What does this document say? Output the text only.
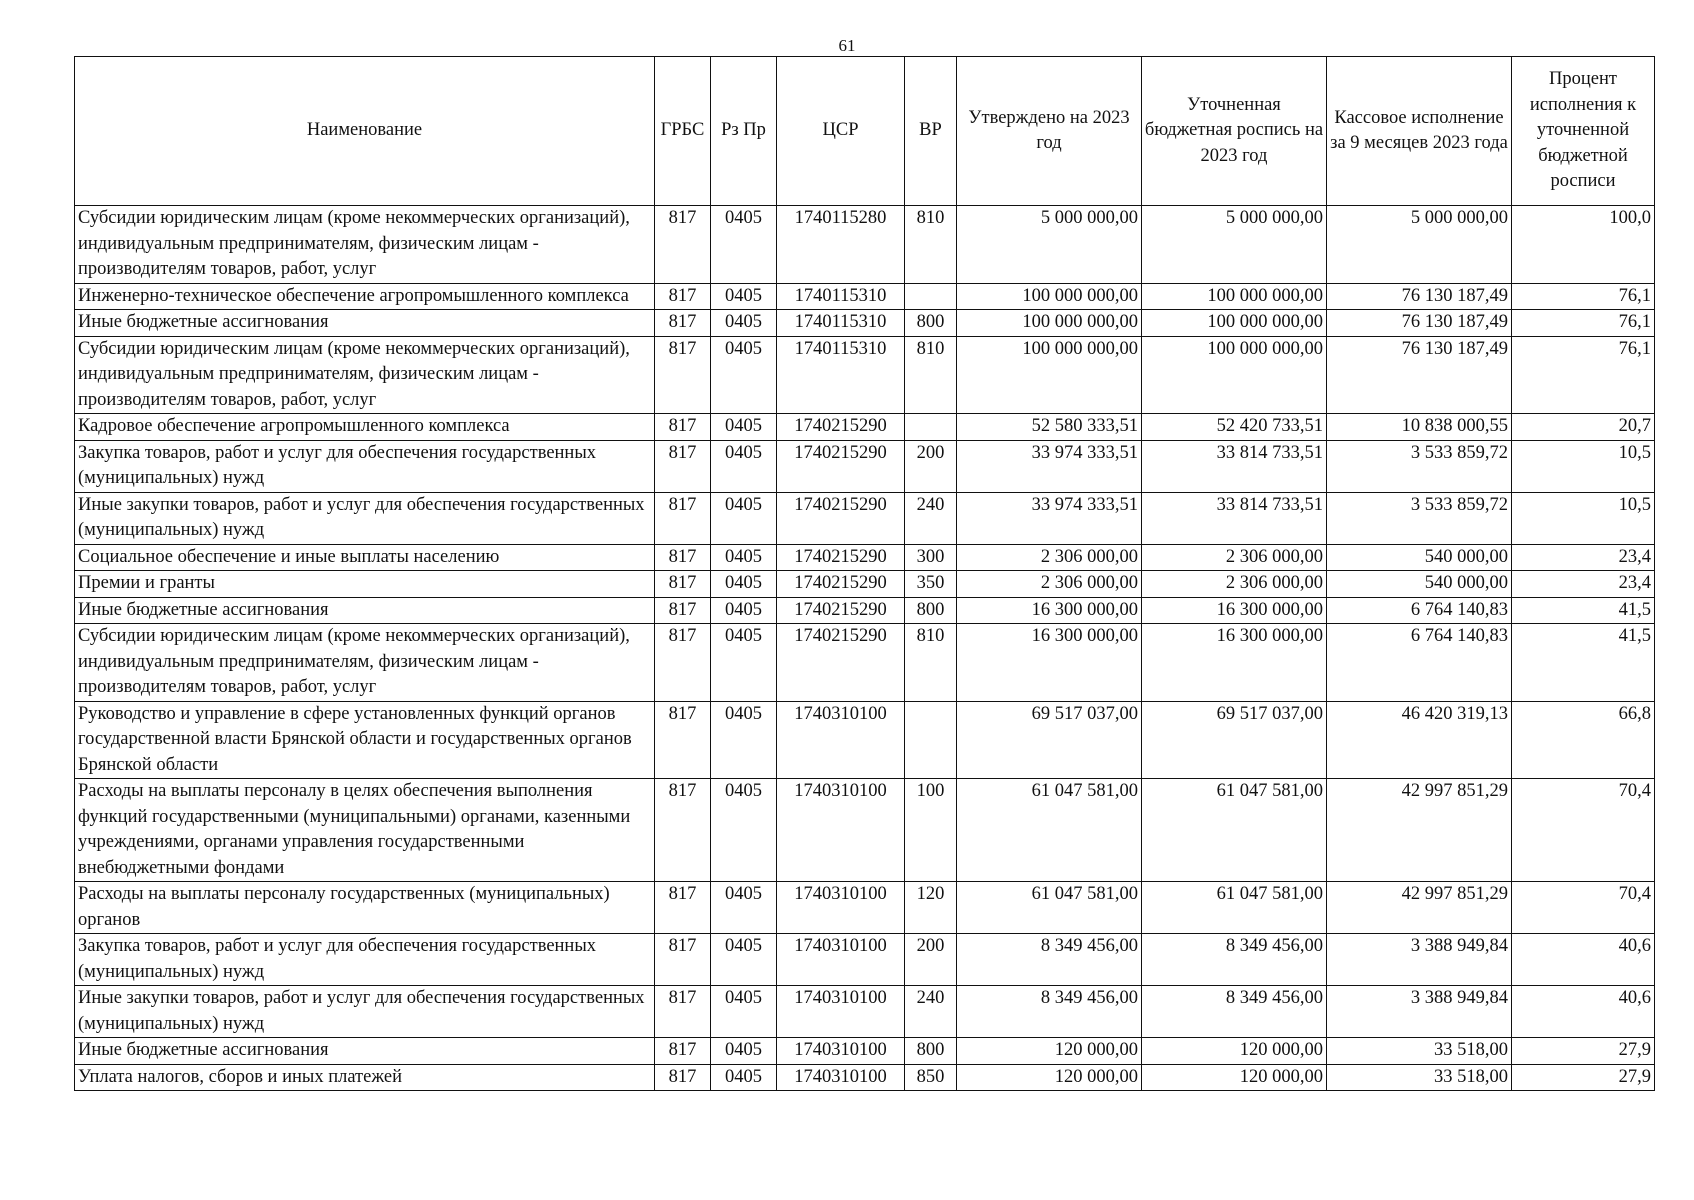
61
Наименование	ГРБС	Рз Пр	ЦСР	ВР	Утверждено на 2023 год	Уточненная бюджетная роспись на 2023 год	Кассовое исполнение за 9 месяцев 2023 года	Процент исполнения к уточненной бюджетной росписи
Субсидии юридическим лицам (кроме некоммерческих организаций), индивидуальным предпринимателям, физическим лицам - производителям товаров, работ, услуг	817	0405	1740115280	810	5 000 000,00	5 000 000,00	5 000 000,00	100,0
Инженерно-техническое обеспечение агропромышленного комплекса	817	0405	1740115310		100 000 000,00	100 000 000,00	76 130 187,49	76,1
Иные бюджетные ассигнования	817	0405	1740115310	800	100 000 000,00	100 000 000,00	76 130 187,49	76,1
Субсидии юридическим лицам (кроме некоммерческих организаций), индивидуальным предпринимателям, физическим лицам - производителям товаров, работ, услуг	817	0405	1740115310	810	100 000 000,00	100 000 000,00	76 130 187,49	76,1
Кадровое обеспечение агропромышленного комплекса	817	0405	1740215290		52 580 333,51	52 420 733,51	10 838 000,55	20,7
Закупка товаров, работ и услуг для обеспечения государственных (муниципальных) нужд	817	0405	1740215290	200	33 974 333,51	33 814 733,51	3 533 859,72	10,5
Иные закупки товаров, работ и услуг для обеспечения государственных (муниципальных) нужд	817	0405	1740215290	240	33 974 333,51	33 814 733,51	3 533 859,72	10,5
Социальное обеспечение и иные выплаты населению	817	0405	1740215290	300	2 306 000,00	2 306 000,00	540 000,00	23,4
Премии и гранты	817	0405	1740215290	350	2 306 000,00	2 306 000,00	540 000,00	23,4
Иные бюджетные ассигнования	817	0405	1740215290	800	16 300 000,00	16 300 000,00	6 764 140,83	41,5
Субсидии юридическим лицам (кроме некоммерческих организаций), индивидуальным предпринимателям, физическим лицам - производителям товаров, работ, услуг	817	0405	1740215290	810	16 300 000,00	16 300 000,00	6 764 140,83	41,5
Руководство и управление в сфере установленных функций органов государственной власти Брянской области и государственных органов Брянской области	817	0405	1740310100		69 517 037,00	69 517 037,00	46 420 319,13	66,8
Расходы на выплаты персоналу в целях обеспечения выполнения функций государственными (муниципальными) органами, казенными учреждениями, органами управления государственными внебюджетными фондами	817	0405	1740310100	100	61 047 581,00	61 047 581,00	42 997 851,29	70,4
Расходы на выплаты персоналу государственных (муниципальных) органов	817	0405	1740310100	120	61 047 581,00	61 047 581,00	42 997 851,29	70,4
Закупка товаров, работ и услуг для обеспечения государственных (муниципальных) нужд	817	0405	1740310100	200	8 349 456,00	8 349 456,00	3 388 949,84	40,6
Иные закупки товаров, работ и услуг для обеспечения государственных (муниципальных) нужд	817	0405	1740310100	240	8 349 456,00	8 349 456,00	3 388 949,84	40,6
Иные бюджетные ассигнования	817	0405	1740310100	800	120 000,00	120 000,00	33 518,00	27,9
Уплата налогов, сборов и иных платежей	817	0405	1740310100	850	120 000,00	120 000,00	33 518,00	27,9
